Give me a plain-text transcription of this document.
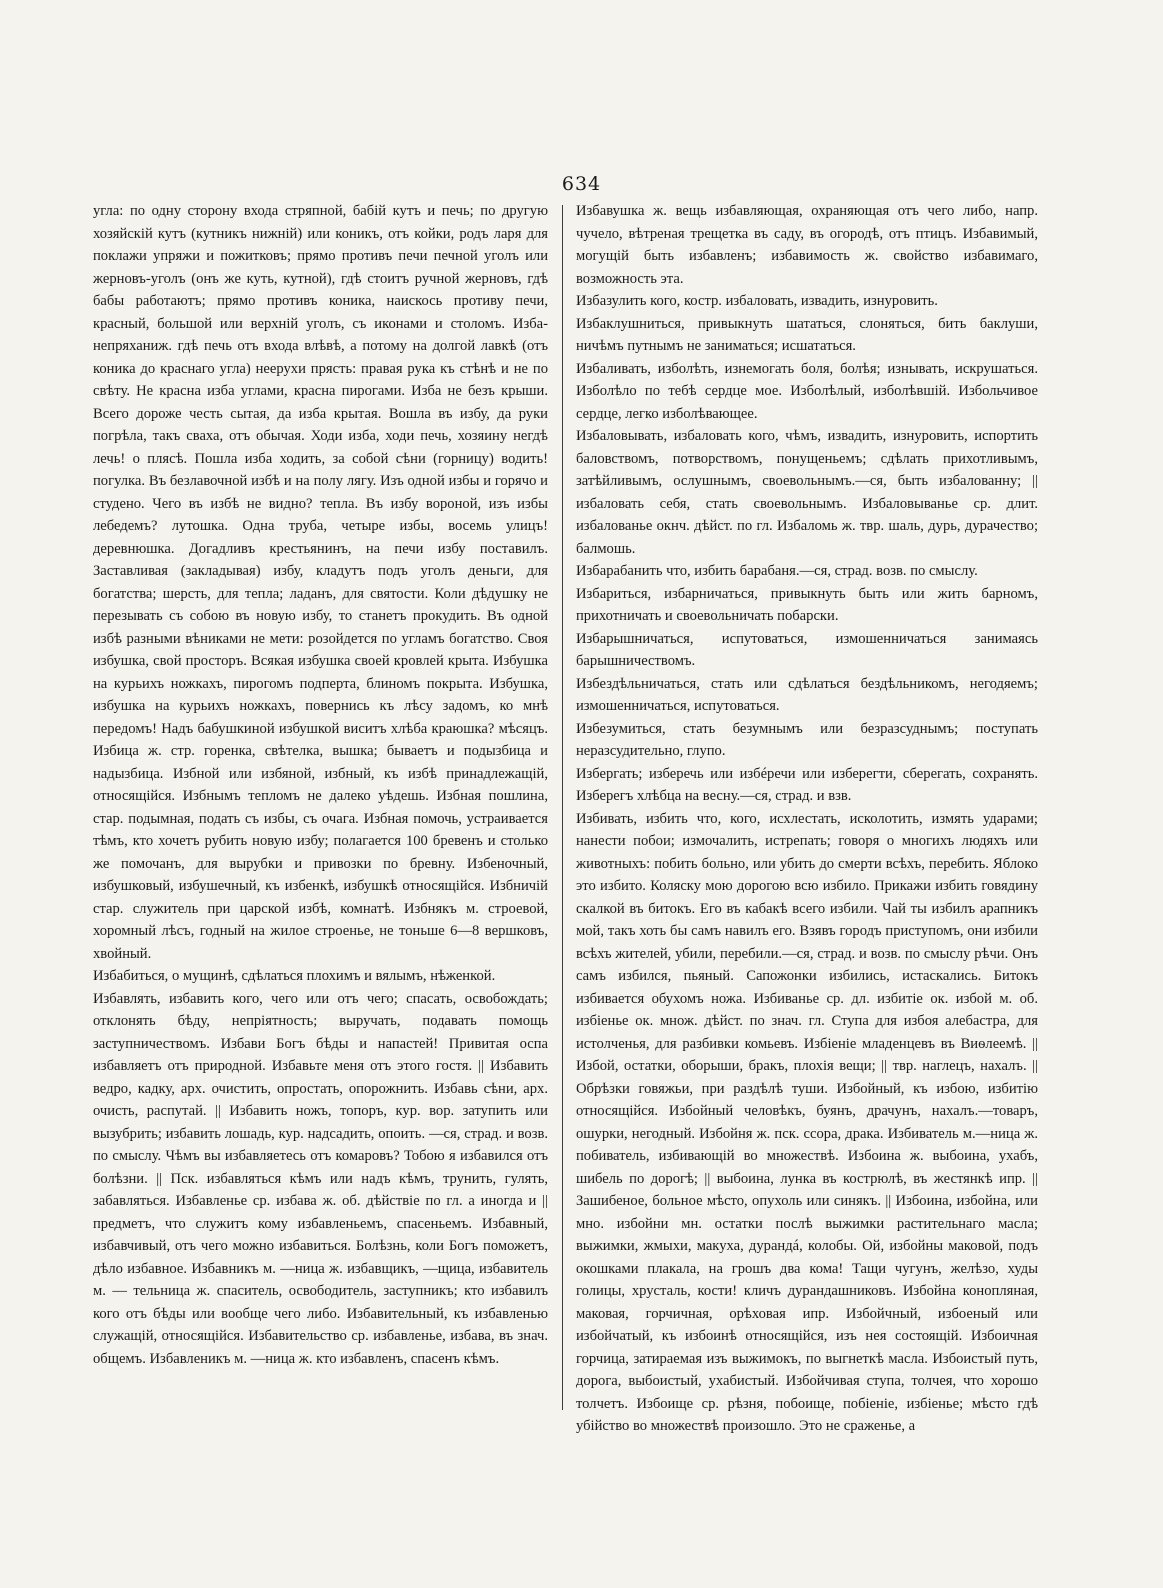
634

угла: по одну сторону входа стряпной, бабiй кутъ и печь; по другую хозяйскiй кутъ (кутникъ нижнiй) или коникъ, отъ койки, родъ ларя для поклажи упряжи и пожитковъ; прямо противъ печи печной уголъ или жерновъ-уголъ (онъ же куть, кутной), гдѣ стоитъ ручной жерновъ, гдѣ бабы работаютъ; прямо противъ коника, наискось противу печи, красный, большой или верхнiй уголъ, съ иконами и столомъ. Изба-непряханиж. гдѣ печь отъ входа влѣвѣ, а потому на долгой лавкѣ (отъ коника до краснаго угла) неерухи прясть: правая рука къ стѣнѣ и не по свѣту. Не красна изба углами, красна пирогами. Изба не безъ крыши. Всего дороже честь сытая, да изба крытая. Вошла въ избу, да руки погрѣла, такъ сваха, отъ обычая. Ходи изба, ходи печь, хозяину негдѣ лечь! о плясѣ. Пошла изба ходить, за собой сѣни (горницу) водить! погулка. Въ безлавочной избѣ и на полу лягу. Изъ одной избы и горячо и студено. Чего въ избѣ не видно? тепла. Въ избу вороной, изъ избы лебедемъ? лутошка. Одна труба, четыре избы, восемь улицъ! деревнюшка. Догадливъ крестьянинъ, на печи избу поставилъ. Заставливая (закладывая) избу, кладутъ подъ уголъ деньги, для богатства; шерсть, для тепла; ладанъ, для святости. Коли дѣдушку не перезывать съ собою въ новую избу, то станетъ прокудить. Въ одной избѣ разными вѣниками не мети: розойдется по угламъ богатство. Своя избушка, свой просторъ. Всякая избушка своей кровлей крыта. Избушка на курьихъ ножкахъ, пирогомъ подперта, блиномъ покрыта. Избушка, избушка на курьихъ ножкахъ, повернись къ лѣсу задомъ, ко мнѣ передомъ! Надъ бабушкиной избушкой виситъ хлѣба краюшка? мѣсяцъ. Избица ж. стр. горенка, свѣтелка, вышка; бываетъ и подызбица и надызбица. Избной или избяной, избный, къ избѣ принадлежащiй, относящiйся. Избнымъ тепломъ не далеко уѣдешь. Избная пошлина, стар. подымная, подать съ избы, съ очага. Избная помочь, устраивается тѣмъ, кто хочетъ рубить новую избу; полагается 100 бревенъ и столько же помочанъ, для вырубки и привозки по бревну. Избеночный, избушковый, избушечный, къ избенкѣ, избушкѣ относящiйся. Избничiй стар. служитель при царской избѣ, комнатѣ. Избнякъ м. строевой, хоромный лѣсъ, годный на жилое строенье, не тоньше 6—8 вершковъ, хвойный.

Избабиться, о мущинѣ, сдѣлаться плохимъ и вялымъ, нѣженкой.

Избавлять, избавить кого, чего или отъ чего; спасать, освобождать; отклонять бѣду, непрiятность; выручать, подавать помощь заступничествомъ. Избави Богъ бѣды и напастей! Привитая оспа избавляетъ отъ природной. Избавьте меня отъ этого гостя. || Избавить ведро, кадку, арх. очистить, опростать, опорожнить. Избавь сѣни, арх. очисть, распутай. || Избавить ножъ, топоръ, кур. вор. затупить или вызубрить; избавить лошадь, кур. надсадить, опоить. —ся, страд. и возв. по смыслу. Чѣмъ вы избавляетесь отъ комаровъ? Тобою я избавился отъ болѣзни. || Пск. избавляться кѣмъ или надъ кѣмъ, трунить, гулять, забавляться. Избавленье ср. избава ж. об. дѣйствiе по гл. а иногда и || предметъ, что служитъ кому избавленьемъ, спасеньемъ. Избавный, избавчивый, отъ чего можно избавиться. Болѣзнь, коли Богъ поможетъ, дѣло избавное. Избавникъ м. —ница ж. избавщикъ, —щица, избавитель м. — тельница ж. спаситель, освободитель, заступникъ; кто избавилъ кого отъ бѣды или вообще чего либо. Избавительный, къ избавленью служащiй, относящiйся. Избавительство ср. избавленье, избава, въ знач. общемъ. Избавленикъ м. —ница ж. кто избавленъ, спасенъ кѣмъ.

Избавушка ж. вещь избавляющая, охраняющая отъ чего либо, напр. чучело, вѣтреная трещетка въ саду, въ огородѣ, отъ птицъ. Избавимый, могущiй быть избавленъ; избавимость ж. свойство избавимаго, возможность эта.

Избазулить кого, костр. избаловать, извадить, изнуровить.

Избаклушниться, привыкнуть шататься, слоняться, бить баклуши, ничѣмъ путнымъ не заниматься; исшататься.

Избаливать, изболѣть, изнемогать боля, болѣя; изнывать, искрушаться. Изболѣло по тебѣ сердце мое. Изболѣлый, изболѣвшiй. Избольчивое сердце, легко изболѣвающее.

Избаловывать, избаловать кого, чѣмъ, извадить, изнуровить, испортить баловствомъ, потворствомъ, понущеньемъ; сдѣлать прихотливымъ, затѣйливымъ, ослушнымъ, своевольнымъ.—ся, быть избалованну; || избаловать себя, стать своевольнымъ. Избаловыванье ср. длит. избалованье окнч. дѣйст. по гл. Избаломь ж. твр. шаль, дурь, дурачество; балмошь.

Избарабанить что, избить барабаня.—ся, страд. возв. по смыслу.

Избариться, избарничаться, привыкнуть быть или жить барномъ, прихотничать и своевольничать побарски.

Избарышничаться, испутоваться, измошенничаться занимаясь барышничествомъ.

Избездѣльничаться, стать или сдѣлаться бездѣльникомъ, негодяемъ; измошенничаться, испутоваться.

Избезумиться, стать безумнымъ или безразсуднымъ; поступать неразсудительно, глупо.

Избергать; изберечь или избéречи или изберегти, сберегать, сохранять. Изберегъ хлѣбца на весну.—ся, страд. и взв.

Избивать, избить что, кого, исхлестать, исколотить, измять ударами; нанести побои; измочалить, истрепать; говоря о многихъ людяхъ или животныхъ: побить больно, или убить до смерти всѣхъ, перебить. Яблоко это избито. Коляску мою дорогою всю избило. Прикажи избить говядину скалкой въ битокъ. Его въ кабакѣ всего избили. Чай ты избилъ арапникъ мой, такъ хоть бы самъ навилъ его. Взявъ городъ приступомъ, они избили всѣхъ жителей, убили, перебили.—ся, страд. и возв. по смыслу рѣчи. Онъ самъ избился, пьяный. Сапожонки избились, истаскались. Битокъ избивается обухомъ ножа. Избиванье ср. дл. избитiе ок. избой м. об. избiенье ок. множ. дѣйст. по знач. гл. Ступа для избоя алебастра, для истолченья, для разбивки комьевъ. Избiенiе младенцевъ въ Виѳлеемѣ. || Избой, остатки, оборыши, бракъ, плохiя вещи; || твр. наглецъ, нахалъ. || Обрѣзки говяжьи, при раздѣлѣ туши. Избойный, къ избою, избитiю относящiйся. Избойный человѣкъ, буянъ, драчунъ, нахалъ.—товаръ, ошурки, негодный. Избойня ж. пск. ссора, драка. Избиватель м.—ница ж. побиватель, избивающiй во множествѣ. Избоина ж. выбоина, ухабъ, шибель по дорогѣ; || выбоина, лунка въ кострюлѣ, въ жестянкѣ ипр. || Зашибеное, больное мѣсто, опухоль или синякъ. || Избоина, избойна, или мно. избойни мн. остатки послѣ выжимки растительнаго масла; выжимки, жмыхи, макуха, дурандá, колобы. Ой, избойны маковой, подъ окошками плакала, на грошъ два кома! Тащи чугунъ, желѣзо, худы голицы, хрусталь, кости! кличъ дурандашниковъ. Избойна конопляная, маковая, горчичная, орѣховая ипр. Избойчный, избоеный или избойчатый, къ избоинѣ относящiйся, изъ нея состоящiй. Избоичная горчица, затираемая изъ выжимокъ, по выгнеткѣ масла. Избоистый путь, дорога, выбоистый, ухабистый. Избойчивая ступа, толчея, что хорошо толчетъ. Избоище ср. рѣзня, побоище, побiенiе, избiенье; мѣсто гдѣ убiйство во множествѣ произошло. Это не сраженье, а
